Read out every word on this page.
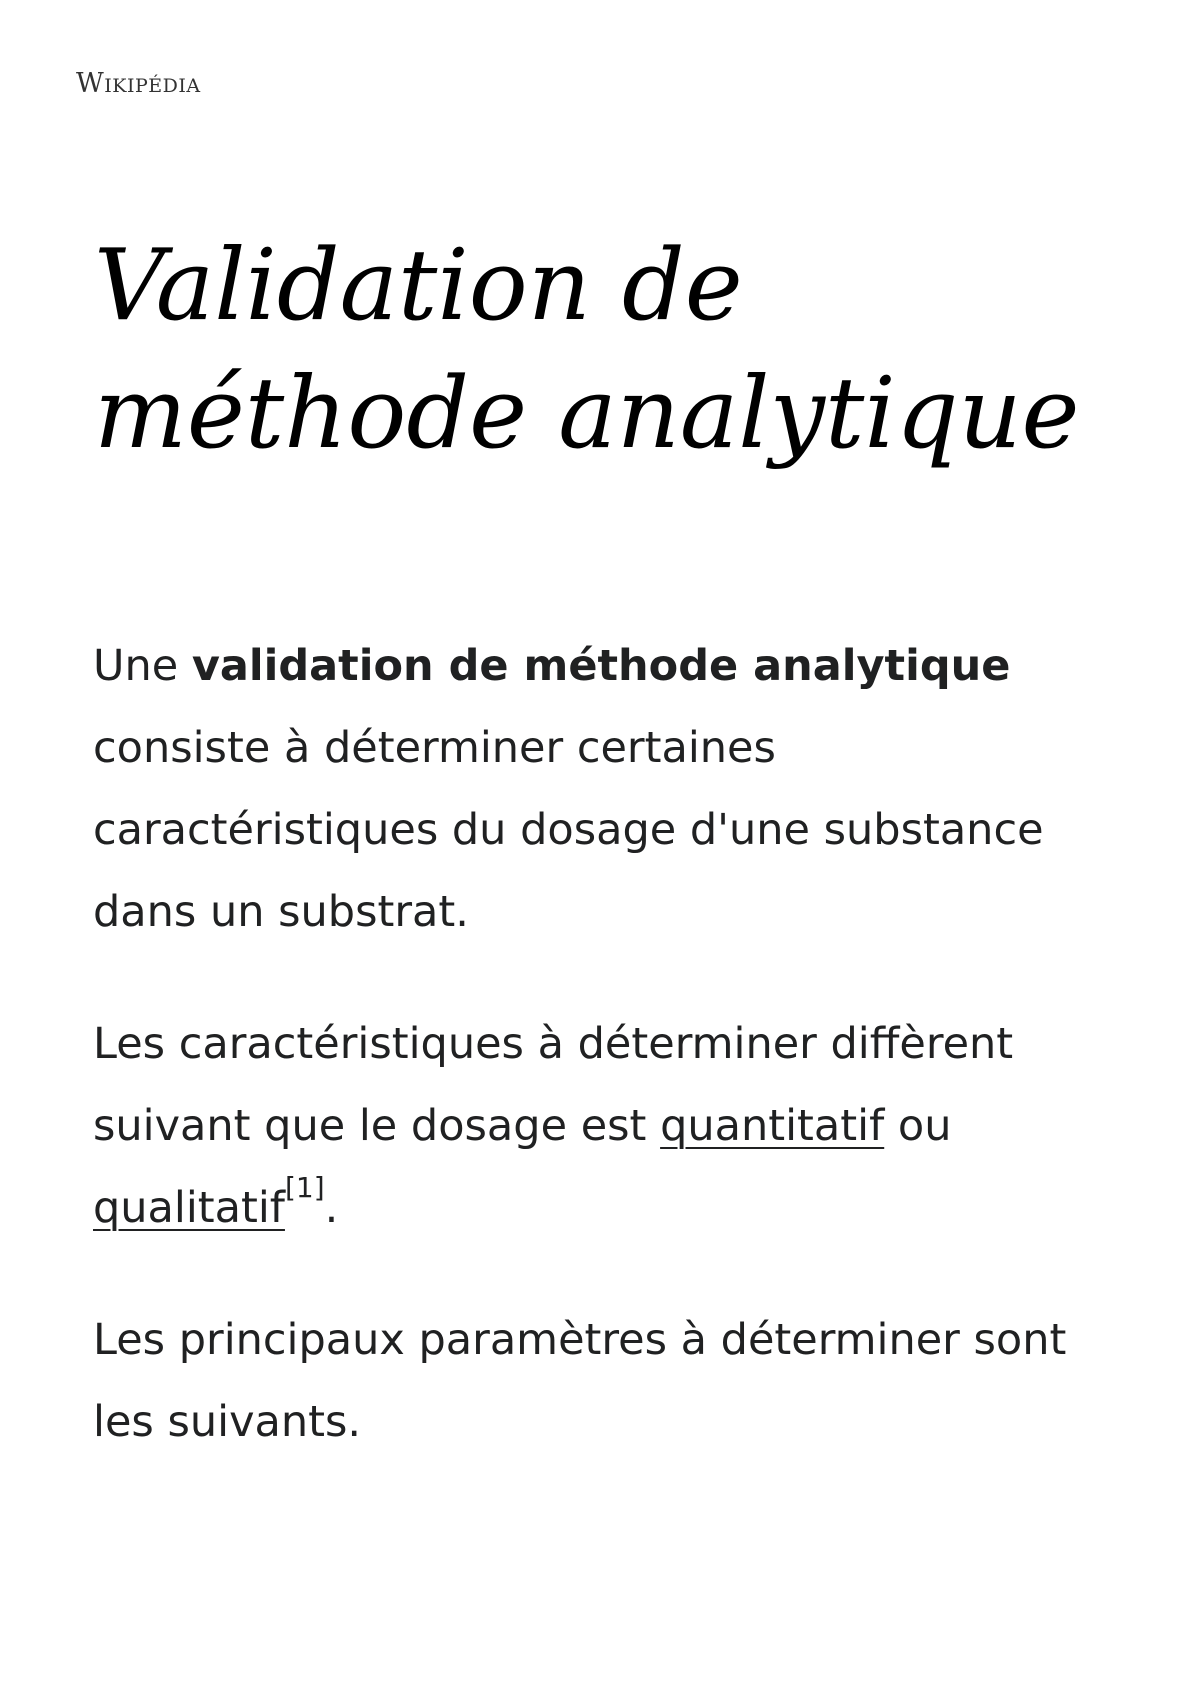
Wikipédia
Validation de méthode analytique

Une validation de méthode analytique consiste à déterminer certaines caractéristiques du dosage d'une substance dans un substrat.

Les caractéristiques à déterminer diffèrent suivant que le dosage est quantitatif ou qualitatif[1].

Les principaux paramètres à déterminer sont les suivants.
